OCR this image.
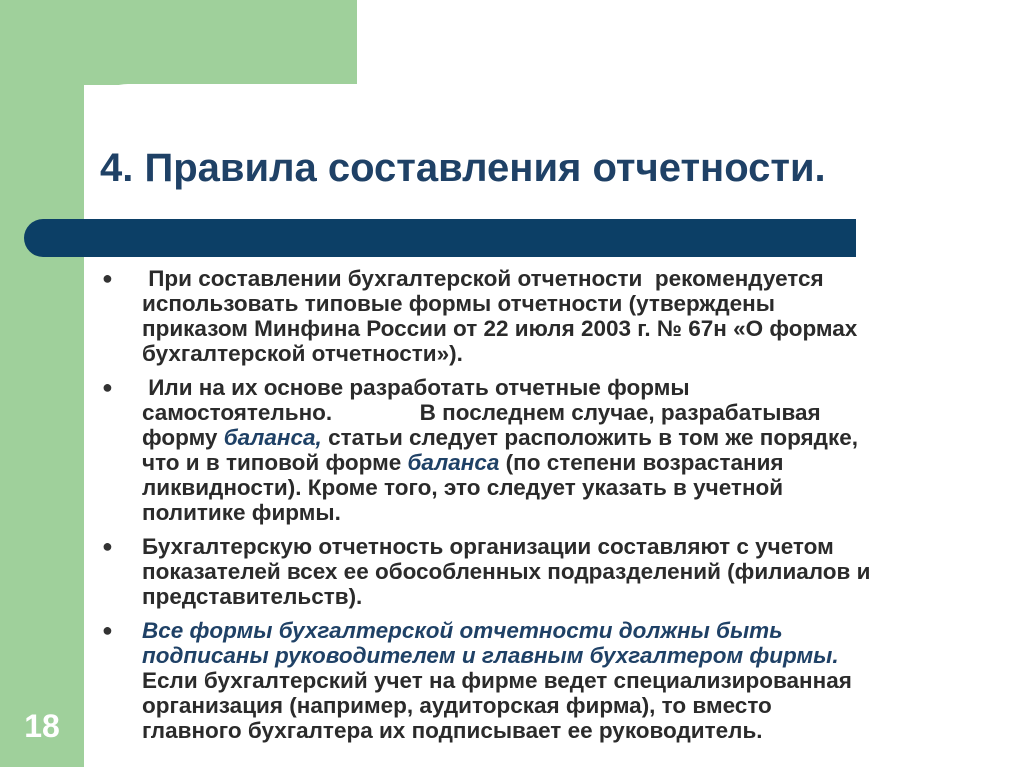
4. Правила составления отчетности.
● При составлении бухгалтерской отчетности  рекомендуется
использовать типовые формы отчетности (утверждены
приказом Минфина России от 22 июля 2003 г. № 67н «О формах
бухгалтерской отчетности»).
● Или на их основе разработать отчетные формы
самостоятельно.              В последнем случае, разрабатывая
форму баланса, статьи следует расположить в том же порядке,
что и в типовой форме баланса (по степени возрастания
ликвидности). Кроме того, это следует указать в учетной
политике фирмы.
● Бухгалтерскую отчетность организации составляют с учетом
показателей всех ее обособленных подразделений (филиалов и
представительств).
● Все формы бухгалтерской отчетности должны быть
подписаны руководителем и главным бухгалтером фирмы.
Если бухгалтерский учет на фирме ведет специализированная
организация (например, аудиторская фирма), то вместо
главного бухгалтера их подписывает ее руководитель.
18
